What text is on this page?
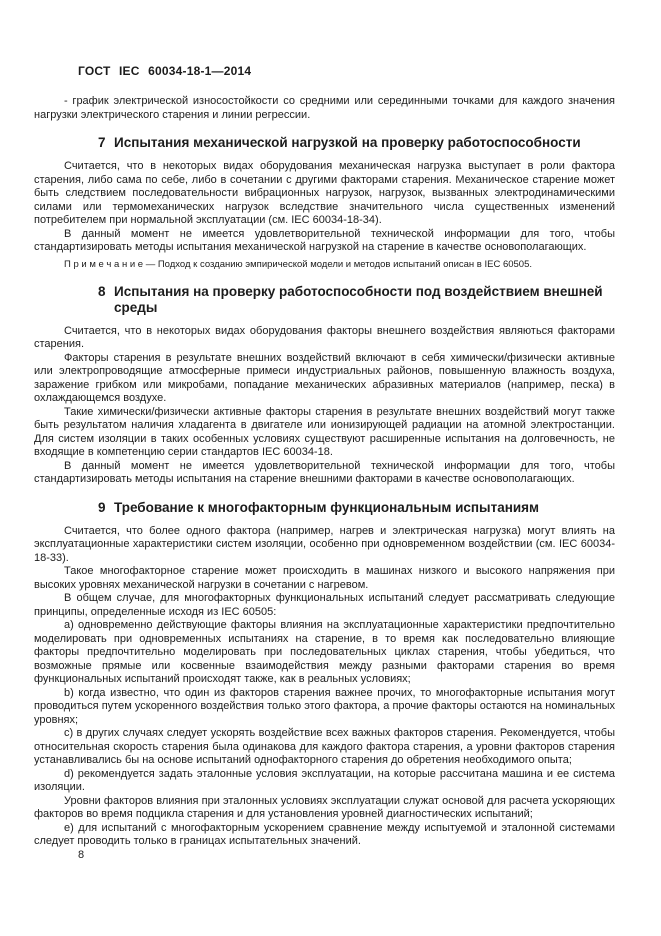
ГОСТ IEC 60034-18-1—2014

- график электрической износостойкости со средними или серединными точками для каждого значения нагрузки электрического старения и линии регрессии.

7 Испытания механической нагрузкой на проверку работоспособности

Считается, что в некоторых видах оборудования механическая нагрузка выступает в роли фактора старения, либо сама по себе, либо в сочетании с другими факторами старения. Механическое старение может быть следствием последовательности вибрационных нагрузок, нагрузок, вызванных электродинамическими силами или термомеханических нагрузок вследствие значительного числа существенных изменений потребителем при нормальной эксплуатации (см. IEC 60034-18-34).

В данный момент не имеется удовлетворительной технической информации для того, чтобы стандартизировать методы испытания механической нагрузкой на старение в качестве основополагающих.

П р и м е ч а н и е — Подход к созданию эмпирической модели и методов испытаний описан в IEC 60505.

8 Испытания на проверку работоспособности под воздействием внешней среды

Считается, что в некоторых видах оборудования факторы внешнего воздействия являються факторами старения.

Факторы старения в результате внешних воздействий включают в себя химически/физически активные или электропроводящие атмосферные примеси индустриальных районов, повышенную влажность воздуха, заражение грибком или микробами, попадание механических абразивных материалов (например, песка) в охлаждающемся воздухе.

Такие химически/физически активные факторы старения в результате внешних воздействий могут также быть результатом наличия хладагента в двигателе или ионизирующей радиации на атомной электростанции. Для систем изоляции в таких особенных условиях существуют расширенные испытания на долговечность, не входящие в компетенцию серии стандартов IEC 60034-18.

В данный момент не имеется удовлетворительной технической информации для того, чтобы стандартизировать методы испытания на старение внешними факторами в качестве основополагающих.

9 Требование к многофакторным функциональным испытаниям

Считается, что более одного фактора (например, нагрев и электрическая нагрузка) могут влиять на эксплуатационные характеристики систем изоляции, особенно при одновременном воздействии (см. IEC 60034-18-33).

Такое многофакторное старение может происходить в машинах низкого и высокого напряжения при высоких уровнях механической нагрузки в сочетании с нагревом.

В общем случае, для многофакторных функциональных испытаний следует рассматривать следующие принципы, определенные исходя из IEC 60505:

a) одновременно действующие факторы влияния на эксплуатационные характеристики предпочтительно моделировать при одновременных испытаниях на старение, в то время как последовательно влияющие факторы предпочтительно моделировать при последовательных циклах старения, чтобы убедиться, что возможные прямые или косвенные взаимодействия между разными факторами старения во время функциональных испытаний происходят также, как в реальных условиях;

b) когда известно, что один из факторов старения важнее прочих, то многофакторные испытания могут проводиться путем ускоренного воздействия только этого фактора, а прочие факторы остаются на номинальных уровнях;

c) в других случаях следует ускорять воздействие всех важных факторов старения. Рекомендуется, чтобы относительная скорость старения была одинакова для каждого фактора старения, а уровни факторов старения устанавливались бы на основе испытаний однофакторного старения до обретения необходимого опыта;

d) рекомендуется задать эталонные условия эксплуатации, на которые рассчитана машина и ее система изоляции.

Уровни факторов влияния при эталонных условиях эксплуатации служат основой для расчета ускоряющих факторов во время подцикла старения и для установления уровней диагностических испытаний;

e) для испытаний с многофакторным ускорением сравнение между испытуемой и эталонной системами следует проводить только в границах испытательных значений.

8
